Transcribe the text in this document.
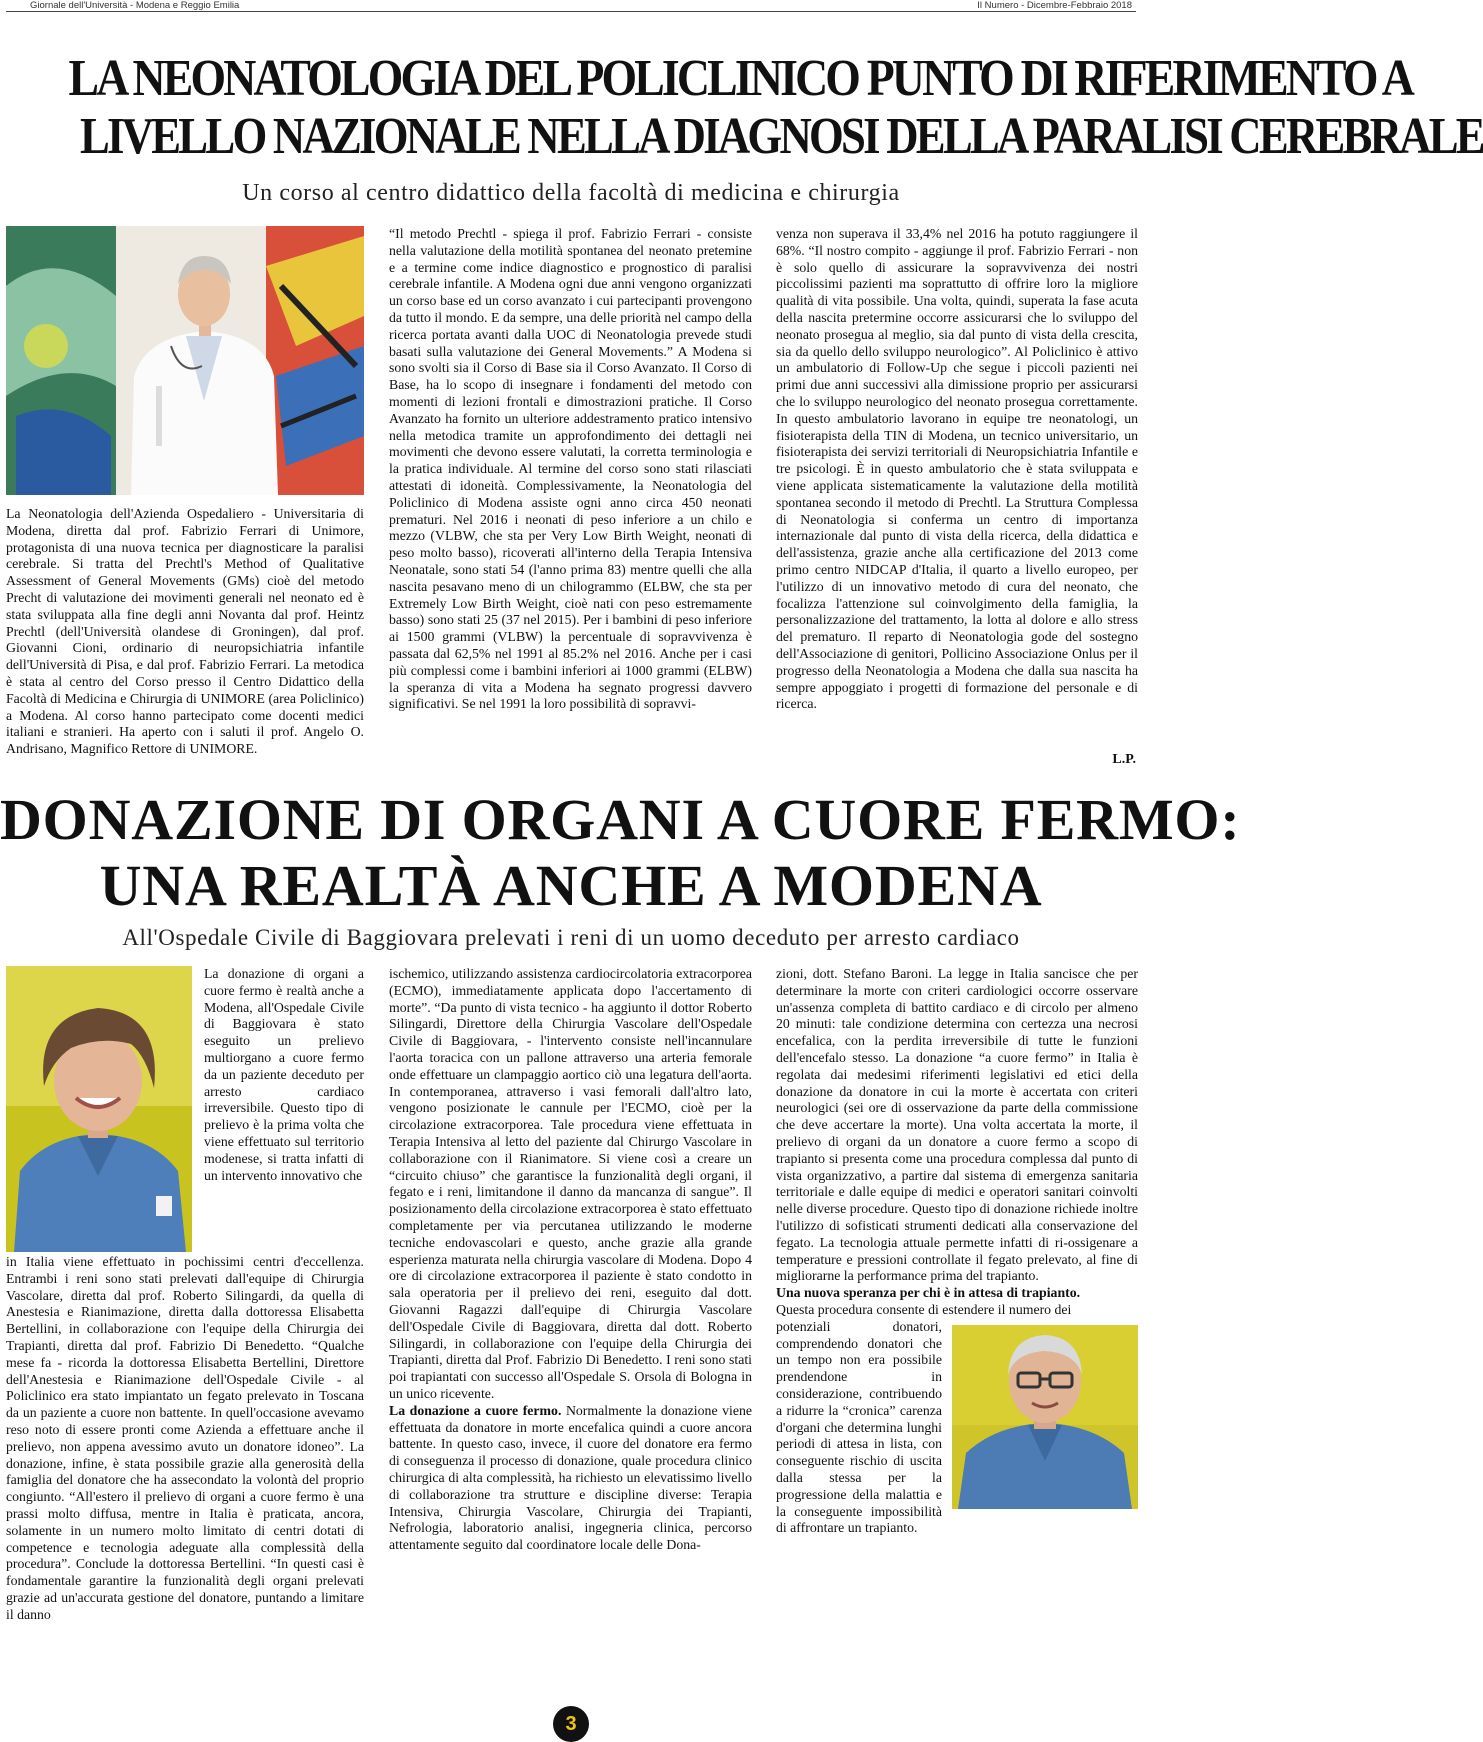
Giornale dell'Università - Modena e Reggio Emilia	Il Numero - Dicembre-Febbraio 2018
LA NEONATOLOGIA DEL POLICLINICO PUNTO DI RIFERIMENTO A
LIVELLO NAZIONALE NELLA DIAGNOSI DELLA PARALISI CEREBRALE
Un corso al centro didattico della facoltà di medicina e chirurgia

La Neonatologia dell'Azienda Ospedaliero - Universitaria di Modena, diretta dal prof. Fabrizio Ferrari di Unimore, protagonista di una nuova tecnica per diagnosticare la paralisi cerebrale. Si tratta del Prechtl's Method of Qualitative Assessment of General Movements (GMs) cioè del metodo Precht di valutazione dei movimenti generali nel neonato ed è stata sviluppata alla fine degli anni Novanta dal prof. Heintz Prechtl (dell'Università olandese di Groningen), dal prof. Giovanni Cioni, ordinario di neuropsichiatria infantile dell'Università di Pisa, e dal prof. Fabrizio Ferrari. La metodica è stata al centro del Corso presso il Centro Didattico della Facoltà di Medicina e Chirurgia di UNIMORE (area Policlinico) a Modena. Al corso hanno partecipato come docenti medici italiani e stranieri. Ha aperto con i saluti il prof. Angelo O. Andrisano, Magnifico Rettore di UNIMORE.

“Il metodo Prechtl - spiega il prof. Fabrizio Ferrari - consiste nella valutazione della motilità spontanea del neonato pretemine e a termine come indice diagnostico e prognostico di paralisi cerebrale infantile. A Modena ogni due anni vengono organizzati un corso base ed un corso avanzato i cui partecipanti provengono da tutto il mondo. E da sempre, una delle priorità nel campo della ricerca portata avanti dalla UOC di Neonatologia prevede studi basati sulla valutazione dei General Movements.” A Modena si sono svolti sia il Corso di Base sia il Corso Avanzato. Il Corso di Base, ha lo scopo di insegnare i fondamenti del metodo con momenti di lezioni frontali e dimostrazioni pratiche. Il Corso Avanzato ha fornito un ulteriore addestramento pratico intensivo nella metodica tramite un approfondimento dei dettagli nei movimenti che devono essere valutati, la corretta terminologia e la pratica individuale. Al termine del corso sono stati rilasciati attestati di idoneità. Complessivamente, la Neonatologia del Policlinico di Modena assiste ogni anno circa 450 neonati prematuri. Nel 2016 i neonati di peso inferiore a un chilo e mezzo (VLBW, che sta per Very Low Birth Weight, neonati di peso molto basso), ricoverati all'interno della Terapia Intensiva Neonatale, sono stati 54 (l'anno prima 83) mentre quelli che alla nascita pesavano meno di un chilogrammo (ELBW, che sta per Extremely Low Birth Weight, cioè nati con peso estremamente basso) sono stati 25 (37 nel 2015). Per i bambini di peso inferiore ai 1500 grammi (VLBW) la percentuale di sopravvivenza è passata dal 62,5% nel 1991 al 85.2% nel 2016. Anche per i casi più complessi come i bambini inferiori ai 1000 grammi (ELBW) la speranza di vita a Modena ha segnato progressi davvero significativi. Se nel 1991 la loro possibilità di sopravvi-

venza non superava il 33,4% nel 2016 ha potuto raggiungere il 68%. “Il nostro compito - aggiunge il prof. Fabrizio Ferrari - non è solo quello di assicurare la sopravvivenza dei nostri piccolissimi pazienti ma soprattutto di offrire loro la migliore qualità di vita possibile. Una volta, quindi, superata la fase acuta della nascita pretermine occorre assicurarsi che lo sviluppo del neonato prosegua al meglio, sia dal punto di vista della crescita, sia da quello dello sviluppo neurologico”. Al Policlinico è attivo un ambulatorio di Follow-Up che segue i piccoli pazienti nei primi due anni successivi alla dimissione proprio per assicurarsi che lo sviluppo neurologico del neonato prosegua correttamente. In questo ambulatorio lavorano in equipe tre neonatologi, un fisioterapista della TIN di Modena, un tecnico universitario, un fisioterapista dei servizi territoriali di Neuropsichiatria Infantile e tre psicologi. È in questo ambulatorio che è stata sviluppata e viene applicata sistematicamente la valutazione della motilità spontanea secondo il metodo di Prechtl. La Struttura Complessa di Neonatologia si conferma un centro di importanza internazionale dal punto di vista della ricerca, della didattica e dell'assistenza, grazie anche alla certificazione del 2013 come primo centro NIDCAP d'Italia, il quarto a livello europeo, per l'utilizzo di un innovativo metodo di cura del neonato, che focalizza l'attenzione sul coinvolgimento della famiglia, la personalizzazione del trattamento, la lotta al dolore e allo stress del prematuro. Il reparto di Neonatologia gode del sostegno dell'Associazione di genitori, Pollicino Associazione Onlus per il progresso della Neonatologia a Modena che dalla sua nascita ha sempre appoggiato i progetti di formazione del personale e di ricerca.

L.P.
DONAZIONE DI ORGANI A CUORE FERMO:
UNA REALTÀ ANCHE A MODENA
All'Ospedale Civile di Baggiovara prelevati i reni di un uomo deceduto per arresto cardiaco

La donazione di organi a cuore fermo è realtà anche a Modena, all'Ospedale Civile di Baggiovara è stato eseguito un prelievo multiorgano a cuore fermo da un paziente deceduto per arresto cardiaco irreversibile. Questo tipo di prelievo è la prima volta che viene effettuato sul territorio modenese, si tratta infatti di un intervento innovativo che

in Italia viene effettuato in pochissimi centri d'eccellenza. Entrambi i reni sono stati prelevati dall'equipe di Chirurgia Vascolare, diretta dal prof. Roberto Silingardi, da quella di Anestesia e Rianimazione, diretta dalla dottoressa Elisabetta Bertellini, in collaborazione con l'equipe della Chirurgia dei Trapianti, diretta dal prof. Fabrizio Di Benedetto. “Qualche mese fa - ricorda la dottoressa Elisabetta Bertellini, Direttore dell'Anestesia e Rianimazione dell'Ospedale Civile - al Policlinico era stato impiantato un fegato prelevato in Toscana da un paziente a cuore non battente. In quell'occasione avevamo reso noto di essere pronti come Azienda a effettuare anche il prelievo, non appena avessimo avuto un donatore idoneo”. La donazione, infine, è stata possibile grazie alla generosità della famiglia del donatore che ha assecondato la volontà del proprio congiunto. “All'estero il prelievo di organi a cuore fermo è una prassi molto diffusa, mentre in Italia è praticata, ancora, solamente in un numero molto limitato di centri dotati di competence e tecnologia adeguate alla complessità della procedura”. Conclude la dottoressa Bertellini. “In questi casi è fondamentale garantire la funzionalità degli organi prelevati grazie ad un'accurata gestione del donatore, puntando a limitare il danno

ischemico, utilizzando assistenza cardiocircolatoria extracorporea (ECMO), immediatamente applicata dopo l'accertamento di morte”. “Da punto di vista tecnico - ha aggiunto il dottor Roberto Silingardi, Direttore della Chirurgia Vascolare dell'Ospedale Civile di Baggiovara, - l'intervento consiste nell'incannulare l'aorta toracica con un pallone attraverso una arteria femorale onde effettuare un clampaggio aortico ciò una legatura dell'aorta. In contemporanea, attraverso i vasi femorali dall'altro lato, vengono posizionate le cannule per l'ECMO, cioè per la circolazione extracorporea. Tale procedura viene effettuata in Terapia Intensiva al letto del paziente dal Chirurgo Vascolare in collaborazione con il Rianimatore. Si viene così a creare un “circuito chiuso” che garantisce la funzionalità degli organi, il fegato e i reni, limitandone il danno da mancanza di sangue”. Il posizionamento della circolazione extracorporea è stato effettuato completamente per via percutanea utilizzando le moderne tecniche endovascolari e questo, anche grazie alla grande esperienza maturata nella chirurgia vascolare di Modena. Dopo 4 ore di circolazione extracorporea il paziente è stato condotto in sala operatoria per il prelievo dei reni, eseguito dal dott. Giovanni Ragazzi dall'equipe di Chirurgia Vascolare dell'Ospedale Civile di Baggiovara, diretta dal dott. Roberto Silingardi, in collaborazione con l'equipe della Chirurgia dei Trapianti, diretta dal Prof. Fabrizio Di Benedetto. I reni sono stati poi trapiantati con successo all'Ospedale S. Orsola di Bologna in un unico ricevente.

La donazione a cuore fermo. Normalmente la donazione viene effettuata da donatore in morte encefalica quindi a cuore ancora battente. In questo caso, invece, il cuore del donatore era fermo di conseguenza il processo di donazione, quale procedura clinico chirurgica di alta complessità, ha richiesto un elevatissimo livello di collaborazione tra strutture e discipline diverse: Terapia Intensiva, Chirurgia Vascolare, Chirurgia dei Trapianti, Nefrologia, laboratorio analisi, ingegneria clinica, percorso attentamente seguito dal coordinatore locale delle Dona-

zioni, dott. Stefano Baroni. La legge in Italia sancisce che per determinare la morte con criteri cardiologici occorre osservare un'assenza completa di battito cardiaco e di circolo per almeno 20 minuti: tale condizione determina con certezza una necrosi encefalica, con la perdita irreversibile di tutte le funzioni dell'encefalo stesso. La donazione “a cuore fermo” in Italia è regolata dai medesimi riferimenti legislativi ed etici della donazione da donatore in cui la morte è accertata con criteri neurologici (sei ore di osservazione da parte della commissione che deve accertare la morte). Una volta accertata la morte, il prelievo di organi da un donatore a cuore fermo a scopo di trapianto si presenta come una procedura complessa dal punto di vista organizzativo, a partire dal sistema di emergenza sanitaria territoriale e dalle equipe di medici e operatori sanitari coinvolti nelle diverse procedure. Questo tipo di donazione richiede inoltre l'utilizzo di sofisticati strumenti dedicati alla conservazione del fegato. La tecnologia attuale permette infatti di ri-ossigenare a temperature e pressioni controllate il fegato prelevato, al fine di migliorarne la performance prima del trapianto.

Una nuova speranza per chi è in attesa di trapianto.

Questa procedura consente di estendere il numero dei

potenziali donatori, comprendendo donatori che un tempo non era possibile prendendone in considerazione, contribuendo a ridurre la “cronica” carenza d'organi che determina lunghi periodi di attesa in lista, con conseguente rischio di uscita dalla stessa per la progressione della malattia e la conseguente impossibilità di affrontare un trapianto.

3
